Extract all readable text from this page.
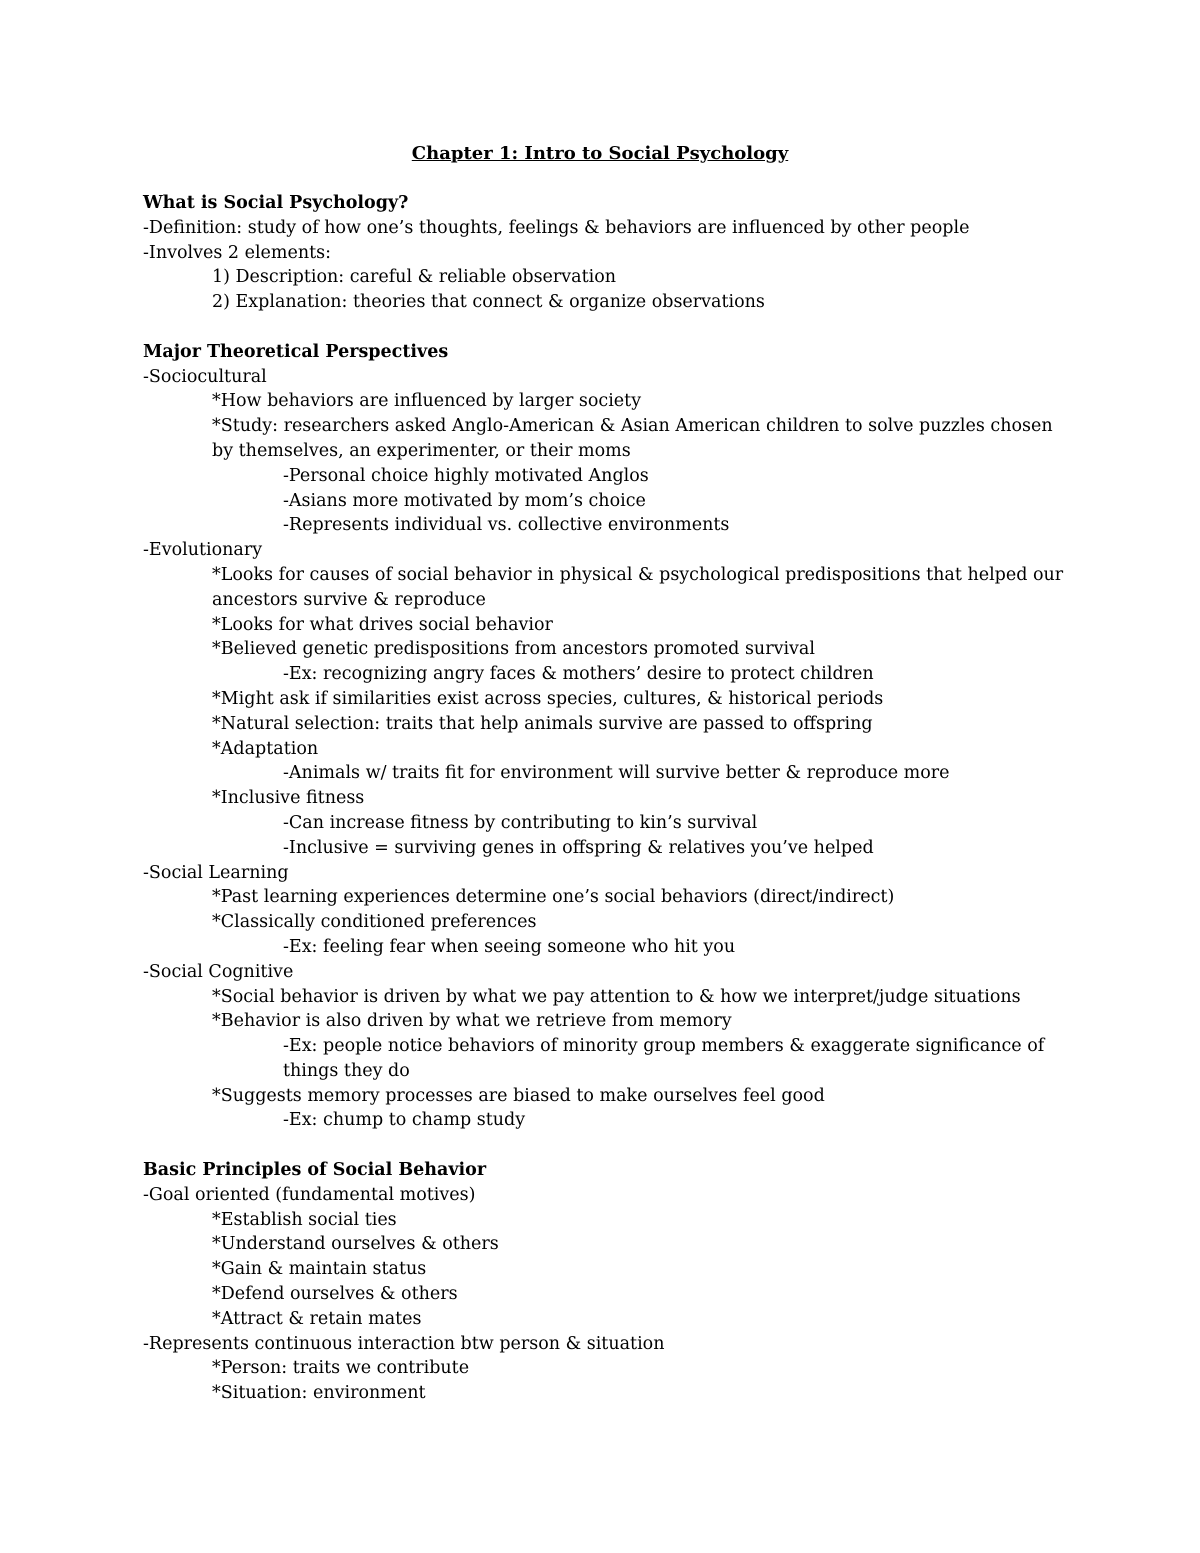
Chapter 1: Intro to Social Psychology
What is Social Psychology?
-Definition: study of how one’s thoughts, feelings & behaviors are influenced by other people
-Involves 2 elements:
1) Description: careful & reliable observation
2) Explanation: theories that connect & organize observations
Major Theoretical Perspectives
-Sociocultural
*How behaviors are influenced by larger society
*Study: researchers asked Anglo-American & Asian American children to solve puzzles chosen
by themselves, an experimenter, or their moms
-Personal choice highly motivated Anglos
-Asians more motivated by mom’s choice
-Represents individual vs. collective environments
-Evolutionary
*Looks for causes of social behavior in physical & psychological predispositions that helped our
ancestors survive & reproduce
*Looks for what drives social behavior
*Believed genetic predispositions from ancestors promoted survival
-Ex: recognizing angry faces & mothers’ desire to protect children
*Might ask if similarities exist across species, cultures, & historical periods
*Natural selection: traits that help animals survive are passed to offspring
*Adaptation
-Animals w/ traits fit for environment will survive better & reproduce more
*Inclusive fitness
-Can increase fitness by contributing to kin’s survival
-Inclusive = surviving genes in offspring & relatives you’ve helped
-Social Learning
*Past learning experiences determine one’s social behaviors (direct/indirect)
*Classically conditioned preferences
-Ex: feeling fear when seeing someone who hit you
-Social Cognitive
*Social behavior is driven by what we pay attention to & how we interpret/judge situations
*Behavior is also driven by what we retrieve from memory
-Ex: people notice behaviors of minority group members & exaggerate significance of
things they do
*Suggests memory processes are biased to make ourselves feel good
-Ex: chump to champ study
Basic Principles of Social Behavior
-Goal oriented (fundamental motives)
*Establish social ties
*Understand ourselves & others
*Gain & maintain status
*Defend ourselves & others
*Attract & retain mates
-Represents continuous interaction btw person & situation
*Person: traits we contribute
*Situation: environment
